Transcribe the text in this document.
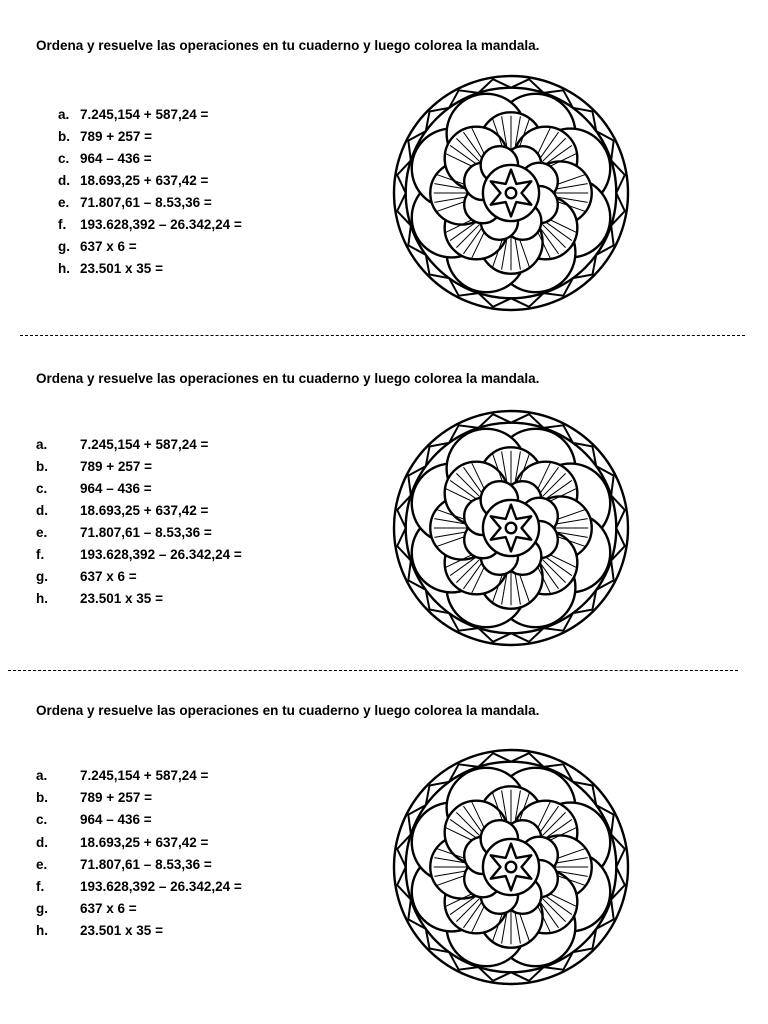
Ordena y resuelve las operaciones en tu cuaderno y luego colorea la mandala.
a. 7.245,154 + 587,24 =
b. 789 + 257 =
c. 964 – 436 =
d. 18.693,25 + 637,42 =
e. 71.807,61 – 8.53,36 =
f. 193.628,392 – 26.342,24 =
g. 637 x 6 =
h. 23.501 x 35 =
Ordena y resuelve las operaciones en tu cuaderno y luego colorea la mandala.
a. 7.245,154 + 587,24 =
b. 789 + 257 =
c. 964 – 436 =
d. 18.693,25 + 637,42 =
e. 71.807,61 – 8.53,36 =
f.	193.628,392 – 26.342,24 =
g. 637 x 6 =
h. 23.501 x 35 =
Ordena y resuelve las operaciones en tu cuaderno y luego colorea la mandala.
a. 7.245,154 + 587,24 =
b. 789 + 257 =
c. 964 – 436 =
d. 18.693,25 + 637,42 =
e. 71.807,61 – 8.53,36 =
f.	193.628,392 – 26.342,24 =
g. 637 x 6 =
h. 23.501 x 35 =
